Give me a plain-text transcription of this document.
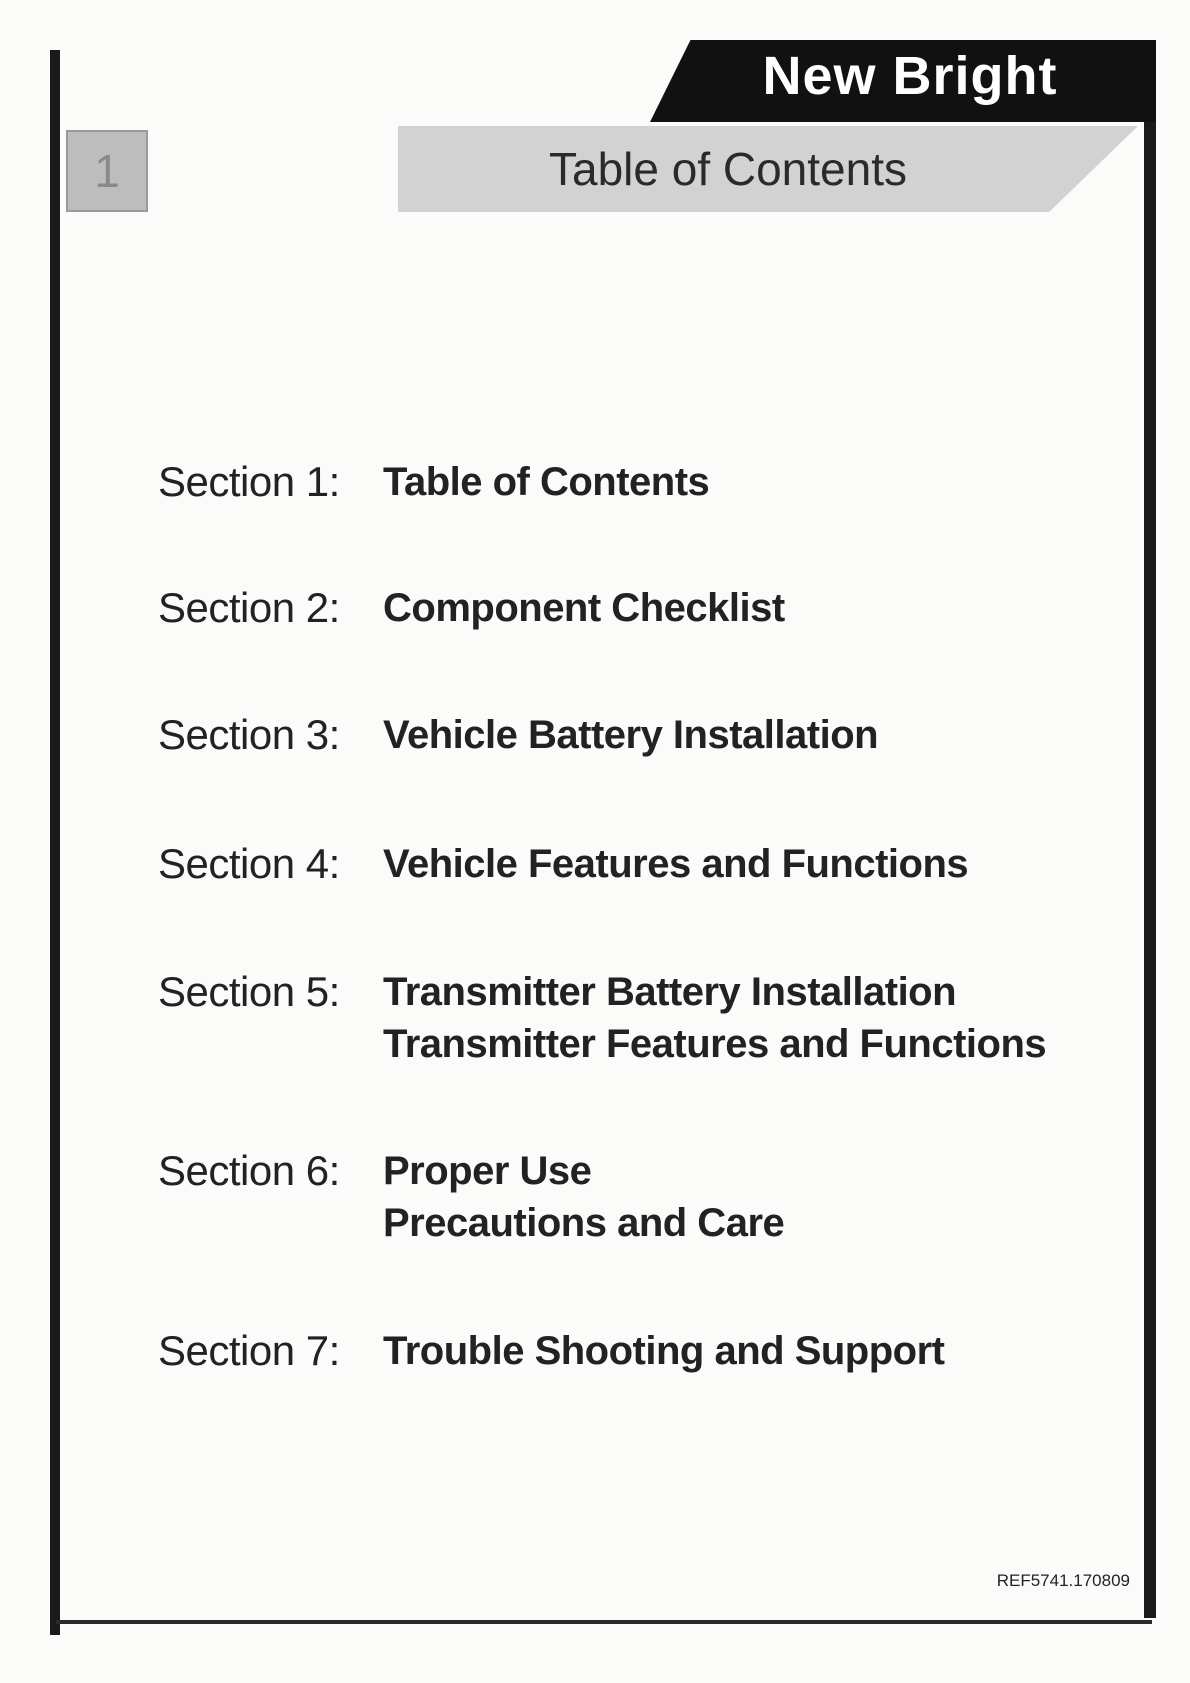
New Bright
Table of Contents
1
Section 1:	Table of Contents
Section 2:	Component Checklist
Section 3:	Vehicle Battery Installation
Section 4:	Vehicle Features and Functions
Section 5:	Transmitter Battery Installation
Transmitter Features and Functions
Section 6:	Proper Use
Precautions and Care
Section 7:	Trouble Shooting and Support
REF5741.170809
